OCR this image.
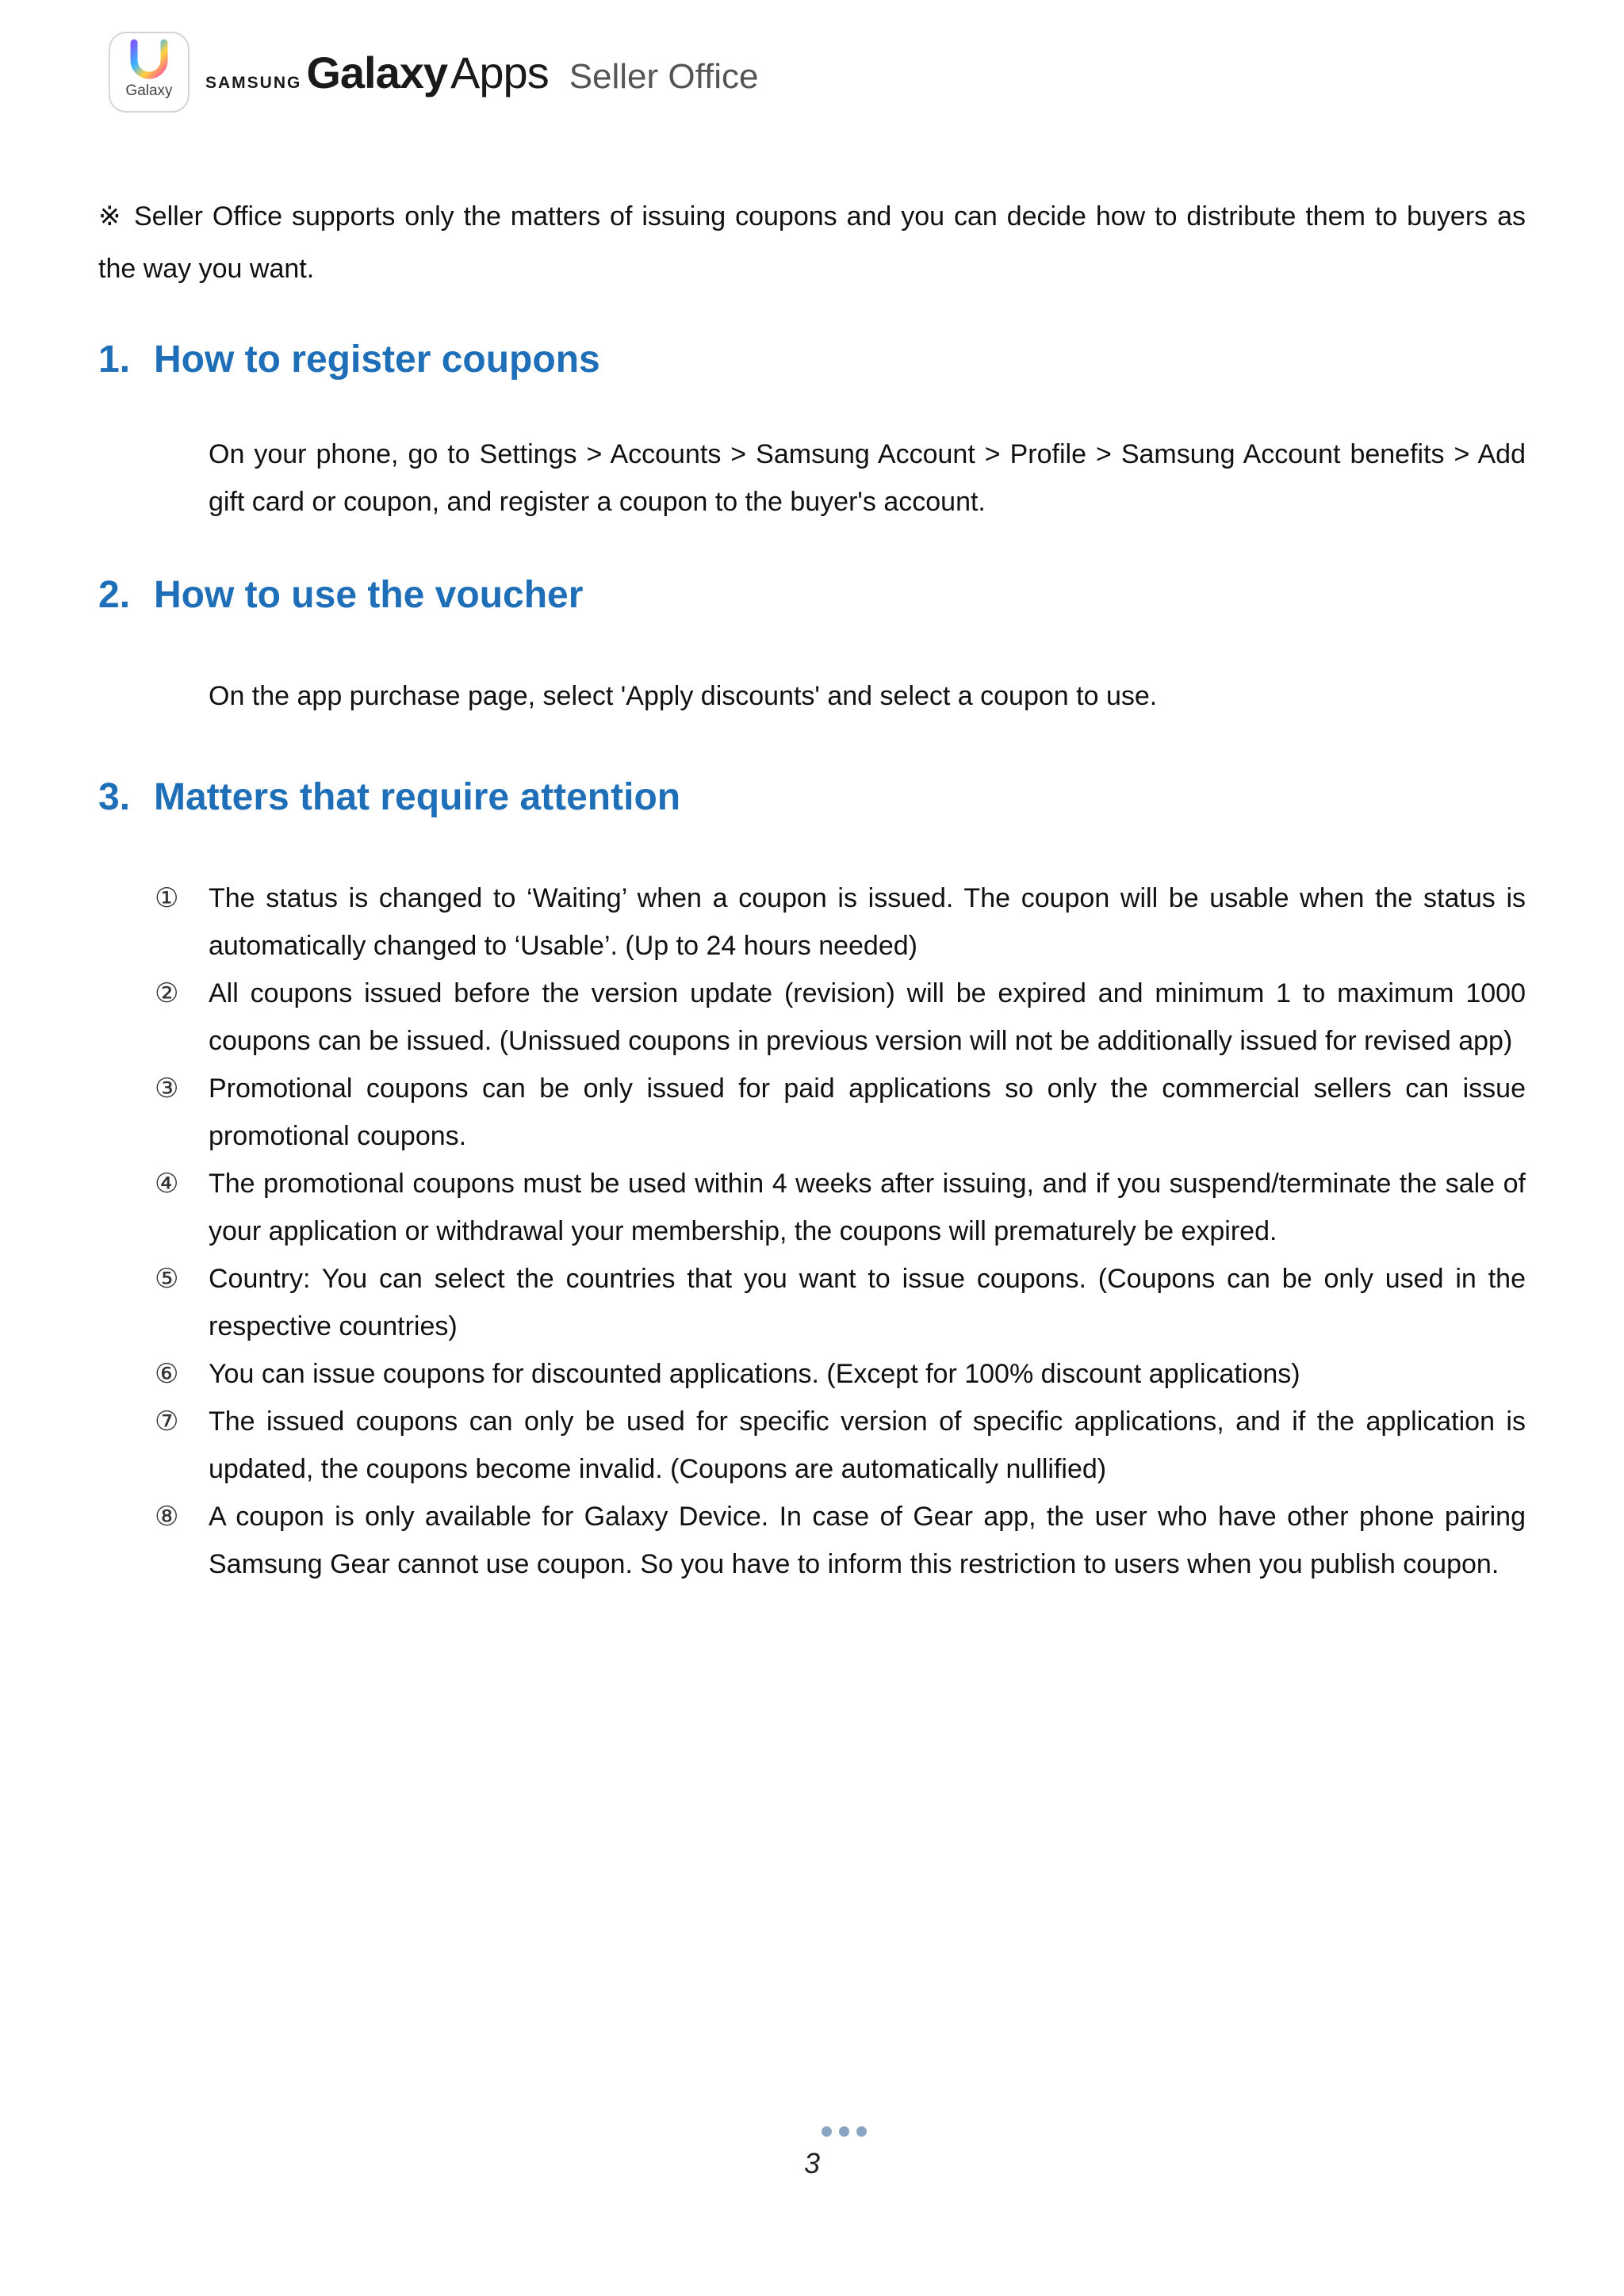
Galaxy	SAMSUNG Galaxy Apps Seller Office

※ Seller Office supports only the matters of issuing coupons and you can decide how to distribute them to buyers as the way you want.

1. How to register coupons

On your phone, go to Settings > Accounts > Samsung Account > Profile > Samsung Account benefits > Add gift card or coupon, and register a coupon to the buyer's account.

2. How to use the voucher

On the app purchase page, select 'Apply discounts' and select a coupon to use.

3. Matters that require attention
①	The status is changed to ‘Waiting’ when a coupon is issued. The coupon will be usable when the status is automatically changed to ‘Usable’. (Up to 24 hours needed)
②	All coupons issued before the version update (revision) will be expired and minimum 1 to maximum 1000 coupons can be issued. (Unissued coupons in previous version will not be additionally issued for revised app)
③	Promotional coupons can be only issued for paid applications so only the commercial sellers can issue promotional coupons.
④	The promotional coupons must be used within 4 weeks after issuing, and if you suspend/terminate the sale of your application or withdrawal your membership, the coupons will prematurely be expired.
⑤	Country: You can select the countries that you want to issue coupons. (Coupons can be only used in the respective countries)
⑥	You can issue coupons for discounted applications. (Except for 100% discount applications)
⑦	The issued coupons can only be used for specific version of specific applications, and if the application is updated, the coupons become invalid. (Coupons are automatically nullified)
⑧	A coupon is only available for Galaxy Device. In case of Gear app, the user who have other phone pairing Samsung Gear cannot use coupon. So you have to inform this restriction to users when you publish coupon.
3
